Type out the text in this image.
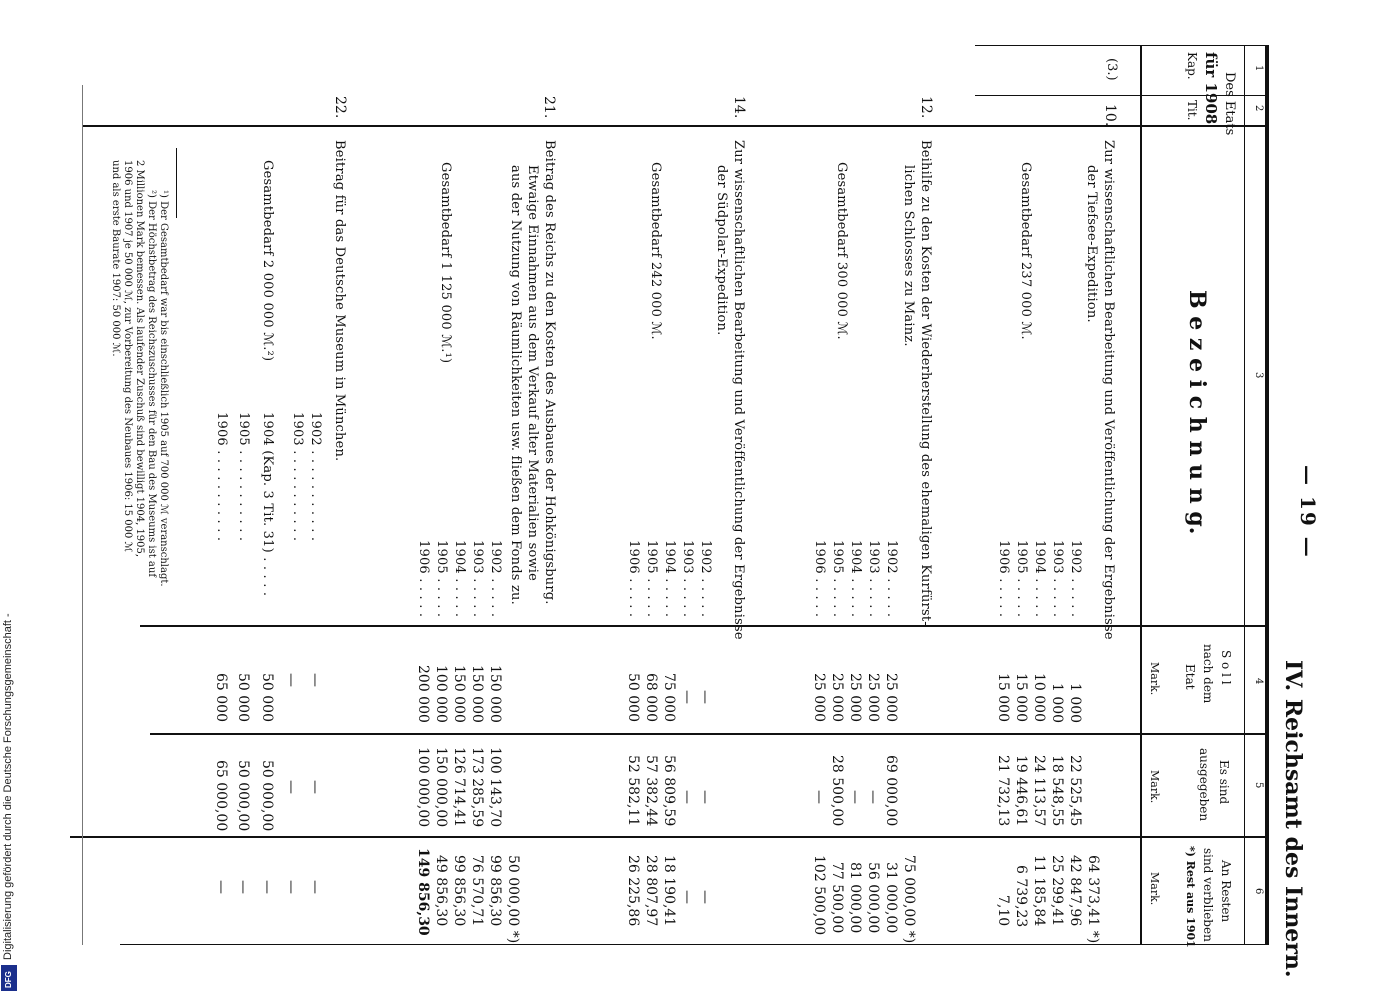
— 19 —
IV. Reichsamt des Innern.
1
2
3
4
5
6
Des Etats
für 1908
Kap.
Tit.
B e z e i c h n u n g.
S o l l
nach dem
Etat
Mark.
Es sind
ausgegeben
Mark.
An Resten
sind verblieben
*) Rest aus 1901
Mark.
(3.)
10.
Zur wissenschaftlichen Bearbeitung und Veröffentlichung der Ergebnisse
der Tiefsee-Expedition.
Gesamtbedarf 237 000 ℳ.
1902 . . . . .
1903 . . . . .
1904 . . . . .
1905 . . . . .
1906 . . . . .
1 000
1 000
10 000
15 000
15 000
22 525,45
18 548,55
24 113,57
19 446,61
21 732,13
64 373,41 *)
42 847,96
25 299,41
11 185,84
6 739,23
7,10
12.
Beihilfe zu den Kosten der Wiederherstellung des ehemaligen Kurfürst-
lichen Schlosses zu Mainz.
Gesamtbedarf 300 000 ℳ.
1902 . . . . .
1903 . . . . .
1904 . . . . .
1905 . . . . .
1906 . . . . .
25 000
25 000
25 000
25 000
25 000
69 000,00
—
—
28 500,00
—
75 000,00 *)
31 000,00
56 000,00
81 000,00
77 500,00
102 500,00
14.
Zur wissenschaftlichen Bearbeitung und Veröffentlichung der Ergebnisse
der Südpolar-Expedition.
Gesamtbedarf 242 000 ℳ.
1902 . . . . .
1903 . . . . .
1904 . . . . .
1905 . . . . .
1906 . . . . .
—
—
75 000
68 000
50 000
—
—
56 809,59
57 382,44
52 582,11
—
—
18 190,41
28 807,97
26 225,86
21.
Beitrag des Reichs zu den Kosten des Ausbaues der Hohkönigsburg.
Etwaige Einnahmen aus dem Verkauf alter Materialien sowie
aus der Nutzung von Räumlichkeiten usw. fließen dem Fonds zu.
Gesamtbedarf 1 125 000 ℳ.¹)
1902 . . . . .
1903 . . . . .
1904 . . . . .
1905 . . . . .
1906 . . . . .
150 000
150 000
150 000
100 000
200 000
100 143,70
173 285,59
126 714,41
150 000,00
100 000,00
50 000,00 *)
99 856,30
76 570,71
99 856,30
49 856,30
149 856,30
22.
Beitrag für das Deutsche Museum in München.
Gesamtbedarf 2 000 000 ℳ.²)
1902 . . . . . . . . . . .
1903 . . . . . . . . . . .
1904 (Kap. 3 Tit. 31) . . . . .
1905 . . . . . . . . . . .
1906 . . . . . . . . . . .
—
—
50 000
50 000
65 000
—
—
50 000,00
50 000,00
65 000,00
—
—
—
—
—
¹) Der Gesamtbedarf war bis einschließlich 1905 auf 700 000 ℳ veranschlagt.
²) Der Höchstbetrag des Reichszuschusses für den Bau des Museums ist auf
2 Millionen Mark bemessen. Als laufender Zuschuß sind bewilligt 1904, 1905,
1906 und 1907 je 50 000 ℳ, zur Vorbereitung des Neubaues 1906: 15 000 ℳ
und als erste Baurate 1907: 50 000 ℳ.
Digitalisierung gefördert durch die Deutsche Forschungsgemeinschaft -
DFG
